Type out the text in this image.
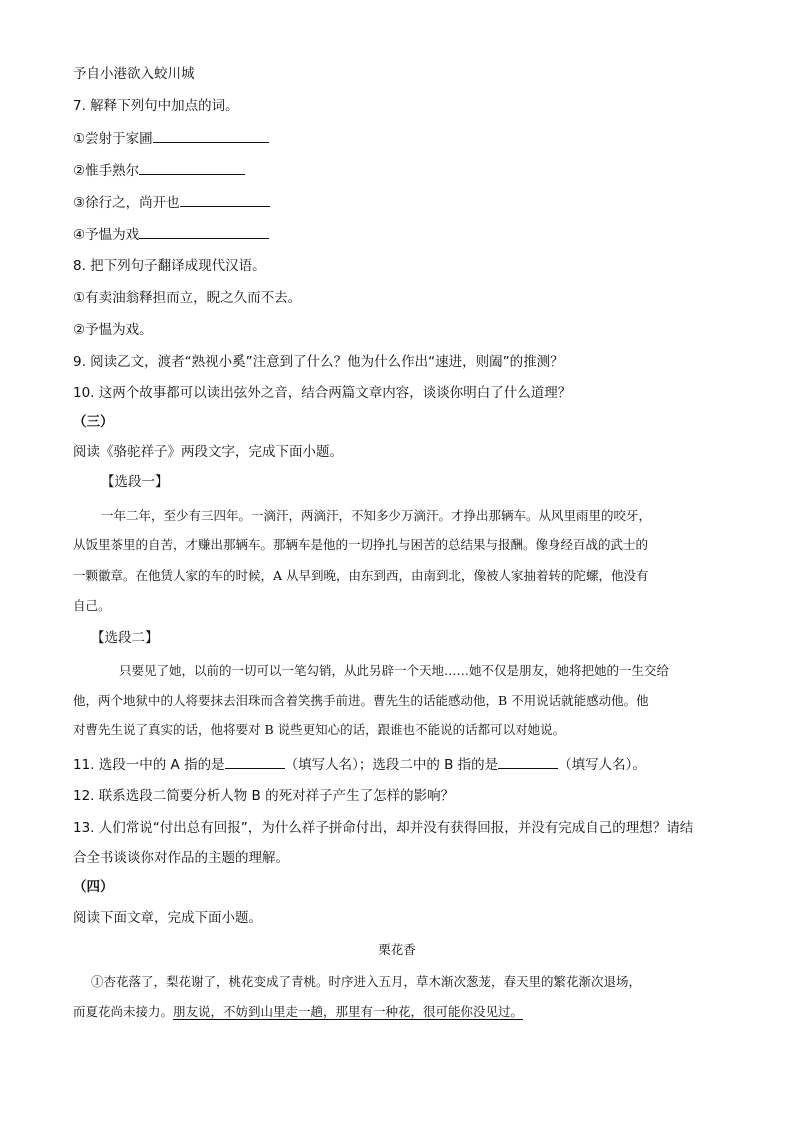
予自小港欲入蛟川城
7. 解释下列句中加点的词。
①尝射于家圃
②惟手熟尔
③徐行之，尚开也
④予愠为戏
8. 把下列句子翻译成现代汉语。
①有卖油翁释担而立，睨之久而不去。
②予愠为戏。
9. 阅读乙文，渡者“熟视小奚”注意到了什么？他为什么作出“速进，则阖”的推测？
10. 这两个故事都可以读出弦外之音，结合两篇文章内容，谈谈你明白了什么道理？
（三）
阅读《骆驼祥子》两段文字，完成下面小题。
【选段一】
一年二年，至少有三四年。一滴汗，两滴汗，不知多少万滴汗。才挣出那辆车。从风里雨里的咬牙，
从饭里茶里的自苦，才赚出那辆车。那辆车是他的一切挣扎与困苦的总结果与报酬。像身经百战的武士的
一颗徽章。在他赁人家的车的时候，A 从早到晚，由东到西，由南到北，像被人家抽着转的陀螺，他没有
自己。
【选段二】
只要见了她，以前的一切可以一笔勾销，从此另辟一个天地……她不仅是朋友，她将把她的一生交给
他，两个地狱中的人将要抹去泪珠而含着笑携手前进。曹先生的话能感动他，B 不用说话就能感动他。他
对曹先生说了真实的话，他将要对 B 说些更知心的话，跟谁也不能说的话都可以对她说。
11. 选段一中的 A 指的是	（填写人名）；选段二中的 B 指的是	（填写人名）。
12. 联系选段二简要分析人物 B 的死对祥子产生了怎样的影响？
13. 人们常说“付出总有回报”，为什么祥子拼命付出，却并没有获得回报，并没有完成自己的理想？请结
合全书谈谈你对作品的主题的理解。
（四）
阅读下面文章，完成下面小题。
栗花香
①杏花落了，梨花谢了，桃花变成了青桃。时序进入五月，草木渐次葱茏，春天里的繁花渐次退场，
而夏花尚未接力。朋友说，不妨到山里走一趟，那里有一种花，很可能你没见过。
